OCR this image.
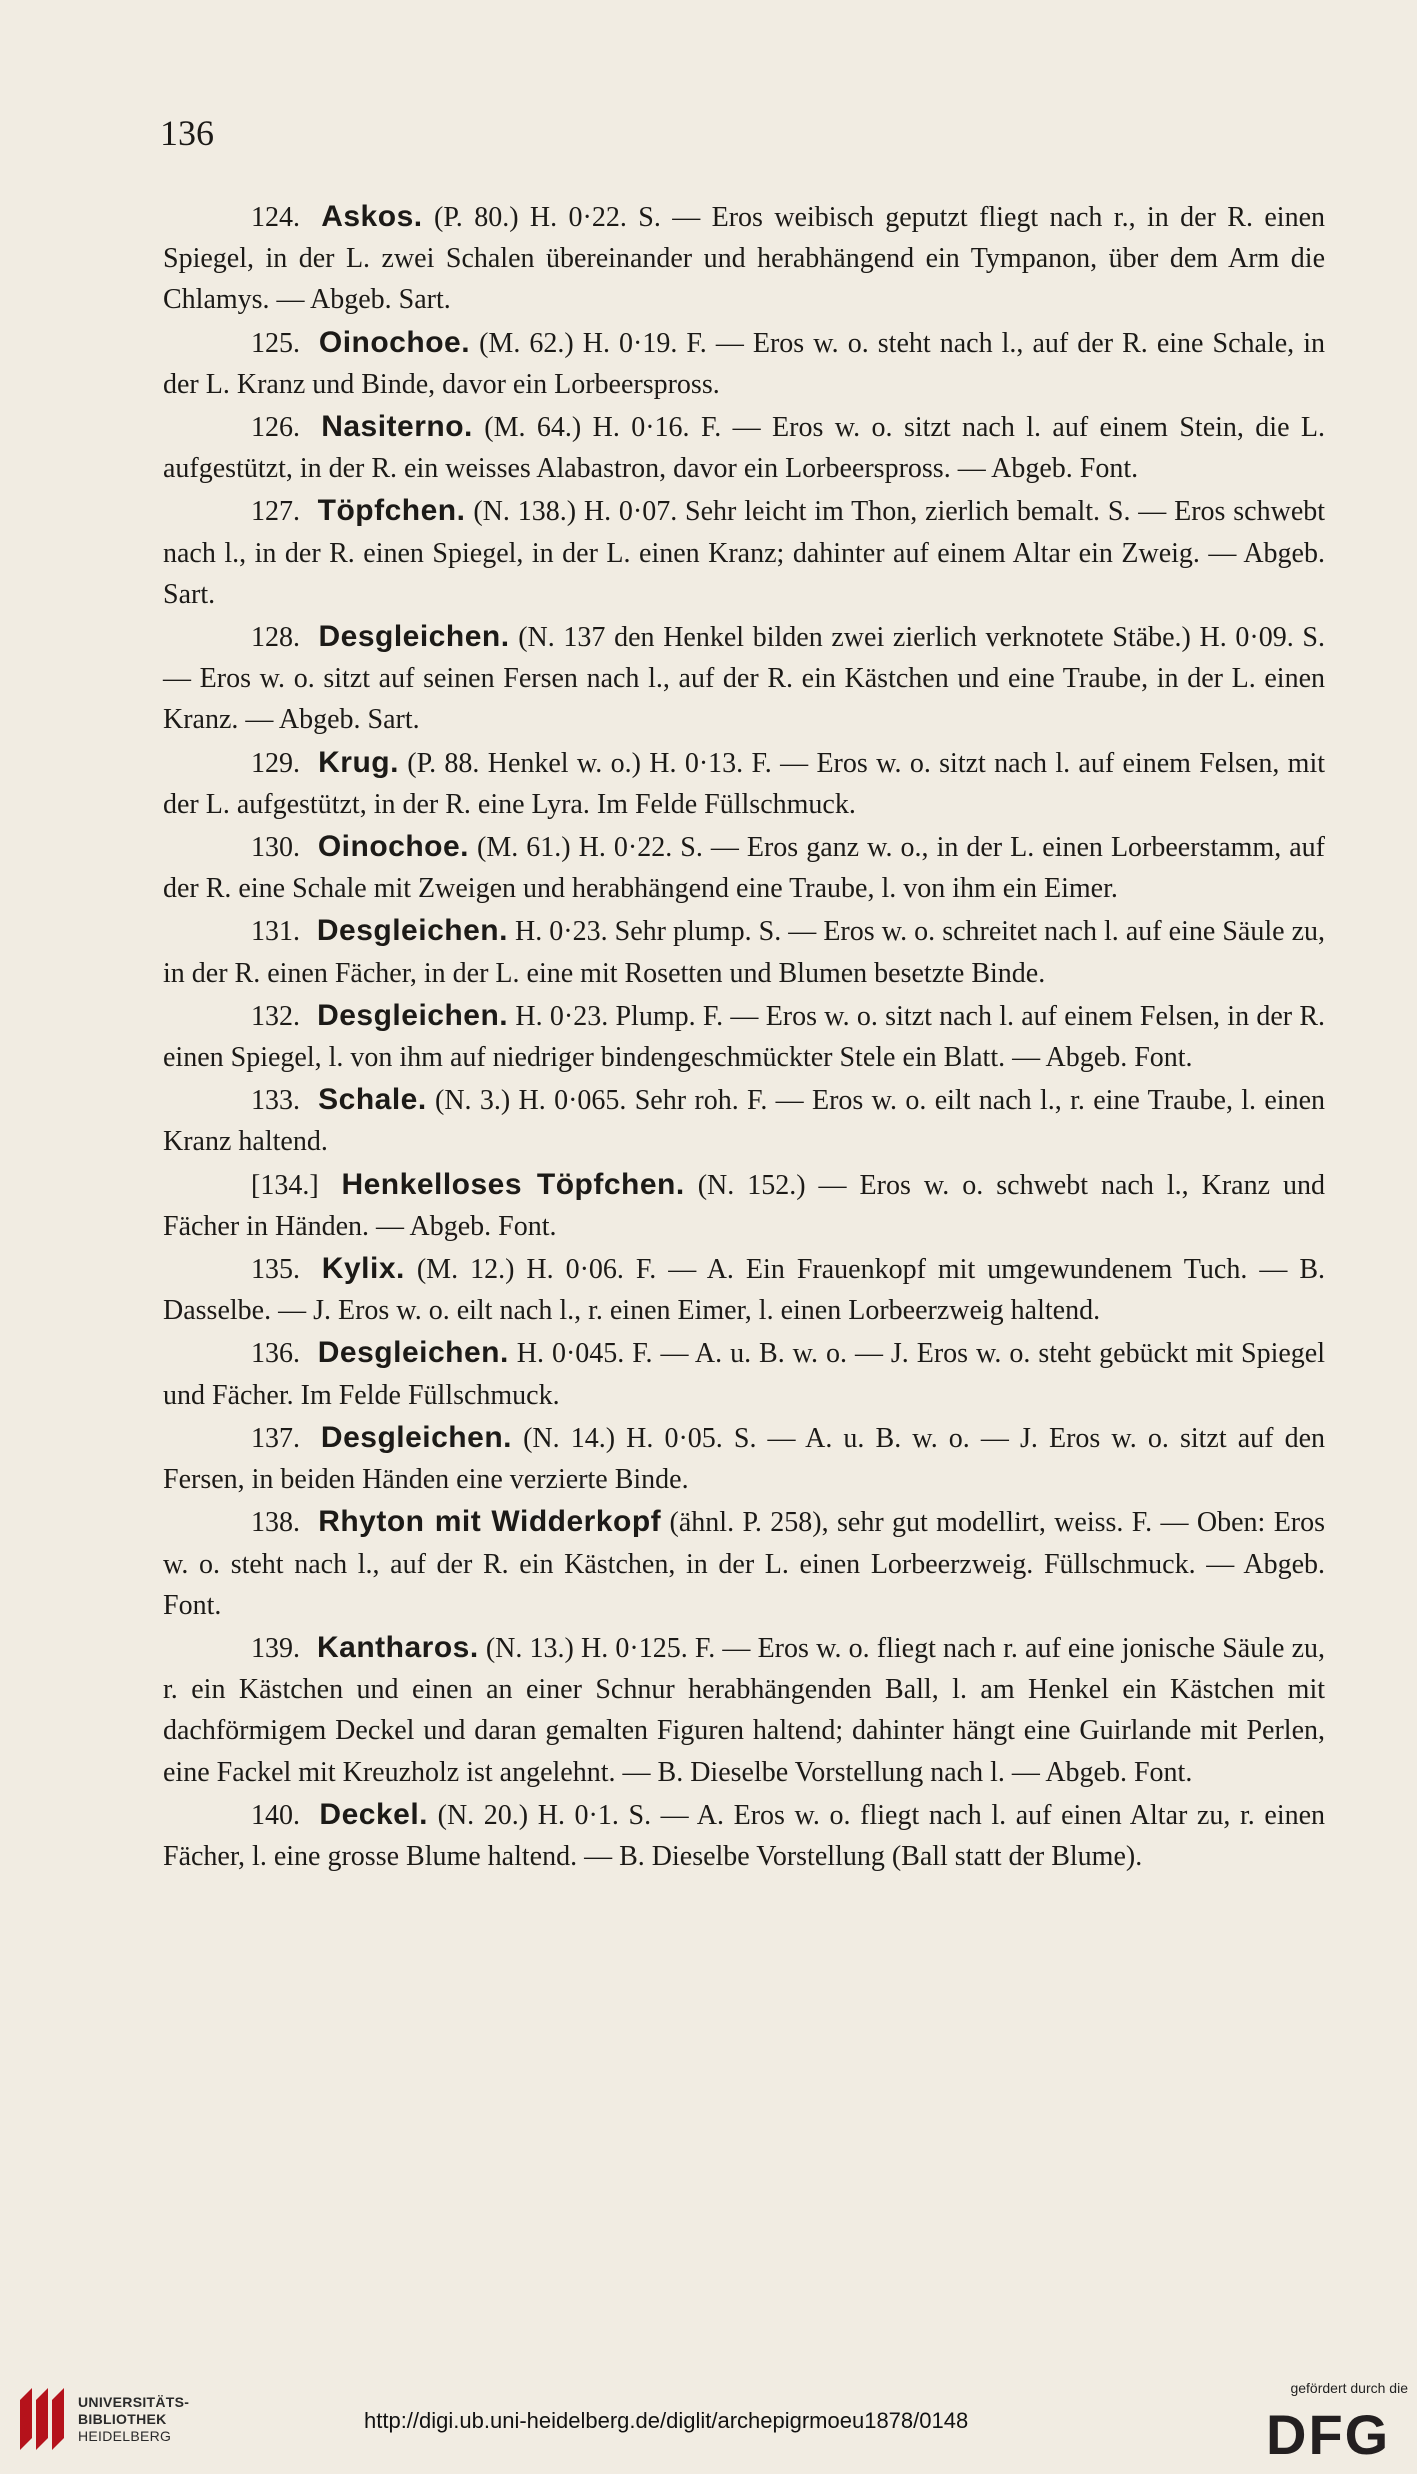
136

124. Askos. (P. 80.) H. 0·22. S. — Eros weibisch geputzt fliegt nach r., in der R. einen Spiegel, in der L. zwei Schalen übereinander und herabhängend ein Tympanon, über dem Arm die Chlamys. — Abgeb. Sart.

125. Oinochoe. (M. 62.) H. 0·19. F. — Eros w. o. steht nach l., auf der R. eine Schale, in der L. Kranz und Binde, davor ein Lorbeerspross.

126. Nasiterno. (M. 64.) H. 0·16. F. — Eros w. o. sitzt nach l. auf einem Stein, die L. aufgestützt, in der R. ein weisses Alabastron, davor ein Lorbeerspross. — Abgeb. Font.

127. Töpfchen. (N. 138.) H. 0·07. Sehr leicht im Thon, zierlich bemalt. S. — Eros schwebt nach l., in der R. einen Spiegel, in der L. einen Kranz; dahinter auf einem Altar ein Zweig. — Abgeb. Sart.

128. Desgleichen. (N. 137 den Henkel bilden zwei zierlich verknotete Stäbe.) H. 0·09. S. — Eros w. o. sitzt auf seinen Fersen nach l., auf der R. ein Kästchen und eine Traube, in der L. einen Kranz. — Abgeb. Sart.

129. Krug. (P. 88. Henkel w. o.) H. 0·13. F. — Eros w. o. sitzt nach l. auf einem Felsen, mit der L. aufgestützt, in der R. eine Lyra. Im Felde Füllschmuck.

130. Oinochoe. (M. 61.) H. 0·22. S. — Eros ganz w. o., in der L. einen Lorbeerstamm, auf der R. eine Schale mit Zweigen und herabhängend eine Traube, l. von ihm ein Eimer.

131. Desgleichen. H. 0·23. Sehr plump. S. — Eros w. o. schreitet nach l. auf eine Säule zu, in der R. einen Fächer, in der L. eine mit Rosetten und Blumen besetzte Binde.

132. Desgleichen. H. 0·23. Plump. F. — Eros w. o. sitzt nach l. auf einem Felsen, in der R. einen Spiegel, l. von ihm auf niedriger bindengeschmückter Stele ein Blatt. — Abgeb. Font.

133. Schale. (N. 3.) H. 0·065. Sehr roh. F. — Eros w. o. eilt nach l., r. eine Traube, l. einen Kranz haltend.

[134.] Henkelloses Töpfchen. (N. 152.) — Eros w. o. schwebt nach l., Kranz und Fächer in Händen. — Abgeb. Font.

135. Kylix. (M. 12.) H. 0·06. F. — A. Ein Frauenkopf mit umgewundenem Tuch. — B. Dasselbe. — J. Eros w. o. eilt nach l., r. einen Eimer, l. einen Lorbeerzweig haltend.

136. Desgleichen. H. 0·045. F. — A. u. B. w. o. — J. Eros w. o. steht gebückt mit Spiegel und Fächer. Im Felde Füllschmuck.

137. Desgleichen. (N. 14.) H. 0·05. S. — A. u. B. w. o. — J. Eros w. o. sitzt auf den Fersen, in beiden Händen eine verzierte Binde.

138. Rhyton mit Widderkopf (ähnl. P. 258), sehr gut modellirt, weiss. F. — Oben: Eros w. o. steht nach l., auf der R. ein Kästchen, in der L. einen Lorbeerzweig. Füllschmuck. — Abgeb. Font.

139. Kantharos. (N. 13.) H. 0·125. F. — Eros w. o. fliegt nach r. auf eine jonische Säule zu, r. ein Kästchen und einen an einer Schnur herabhängenden Ball, l. am Henkel ein Kästchen mit dachförmigem Deckel und daran gemalten Figuren haltend; dahinter hängt eine Guirlande mit Perlen, eine Fackel mit Kreuzholz ist angelehnt. — B. Dieselbe Vorstellung nach l. — Abgeb. Font.

140. Deckel. (N. 20.) H. 0·1. S. — A. Eros w. o. fliegt nach l. auf einen Altar zu, r. einen Fächer, l. eine grosse Blume haltend. — B. Dieselbe Vorstellung (Ball statt der Blume).

UNIVERSITÄTS-
BIBLIOTHEK
HEIDELBERG
http://digi.ub.uni-heidelberg.de/diglit/archepigrmoeu1878/0148
gefördert durch die
DFG
